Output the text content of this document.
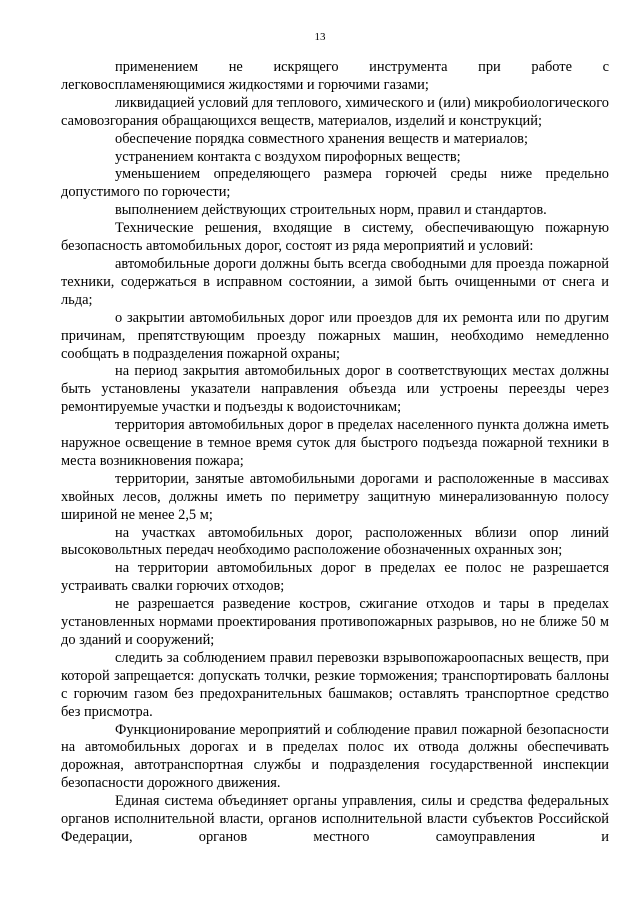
13

применением не искрящего инструмента при работе с легковоспламеняющимися жидкостями и горючими газами;

ликвидацией условий для теплового, химического и (или) микробиологического самовозгорания обращающихся веществ, материалов, изделий и конструкций;

обеспечение порядка совместного хранения веществ и материалов;

устранением контакта с воздухом пирофорных веществ;

уменьшением определяющего размера горючей среды ниже предельно допустимого по горючести;

выполнением действующих строительных норм, правил и стандартов.

Технические решения, входящие в систему, обеспечивающую пожарную безопасность автомобильных дорог, состоят из ряда мероприятий и условий:

автомобильные дороги должны быть всегда свободными для проезда пожарной техники, содержаться в исправном состоянии, а зимой быть очищенными от снега и льда;

о закрытии автомобильных дорог или проездов для их ремонта или по другим причинам, препятствующим проезду пожарных машин, необходимо немедленно сообщать в подразделения пожарной охраны;

на период закрытия автомобильных дорог в соответствующих местах должны быть установлены указатели направления объезда или устроены переезды через ремонтируемые участки и подъезды к водоисточникам;

территория автомобильных дорог в пределах населенного пункта должна иметь наружное освещение в темное время суток для быстрого подъезда пожарной техники в места возникновения пожара;

территории, занятые автомобильными дорогами и расположенные в массивах хвойных лесов, должны иметь по периметру защитную минерализованную полосу шириной не менее 2,5 м;

на участках автомобильных дорог, расположенных вблизи опор линий высоковольтных передач необходимо расположение обозначенных охранных зон;

на территории автомобильных дорог в пределах ее полос не разрешается устраивать свалки горючих отходов;

не разрешается разведение костров, сжигание отходов и тары в пределах установленных нормами проектирования противопожарных разрывов, но не ближе 50 м до зданий и сооружений;

следить за соблюдением правил перевозки взрывопожароопасных веществ, при которой запрещается: допускать толчки, резкие торможения; транспортировать баллоны с горючим газом без предохранительных башмаков; оставлять транспортное средство без присмотра.

Функционирование мероприятий и соблюдение правил пожарной безопасности на автомобильных дорогах и в пределах полос их отвода должны обеспечивать дорожная, автотранспортная службы и подразделения государственной инспекции безопасности дорожного движения.

Единая система объединяет органы управления, силы и средства федеральных органов исполнительной власти, органов исполнительной власти субъектов Российской Федерации, органов местного самоуправления и
